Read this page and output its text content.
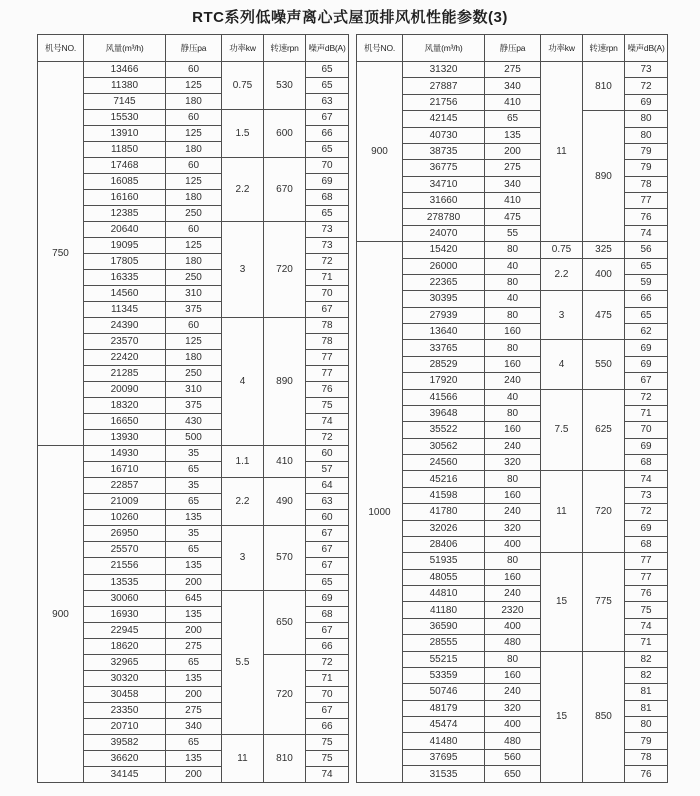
RTC系列低噪声离心式屋顶排风机性能参数(3)
机号NO.	风量(m³/h)	静压pa	功率kw	转速rpn	噪声dB(A)
750	13466	60	0.75	530	65
	11380	125			65
	7145	180			63
	15530	60	1.5	600	67
	13910	125			66
	11850	180			65
	17468	60	2.2	670	70
	16085	125			69
	16160	180			68
	12385	250			65
	20640	60	3	720	73
	19095	125			73
	17805	180			72
	16335	250			71
	14560	310			70
	11345	375			67
	24390	60	4	890	78
	23570	125			78
	22420	180			77
	21285	250			77
	20090	310			76
	18320	375			75
	16650	430			74
	13930	500			72
900	14930	35	1.1	410	60
	16710	65			57
	22857	35	2.2	490	64
	21009	65			63
	10260	135			60
	26950	35	3	570	67
	25570	65			67
	21556	135			67
	13535	200			65
	30060	645	5.5	650	69
	16930	135			68
	22945	200			67
	18620	275			66
	32965	65		720	72
	30320	135			71
	30458	200			70
	23350	275			67
	20710	340			66
	39582	65	11	810	75
	36620	135			75
	34145	200			74
机号NO.	风量(m³/h)	静压pa	功率kw	转速rpn	噪声dB(A)
900	31320	275	11	810	73
	27887	340			72
	21756	410			69
	42145	65		890	80
	40730	135			80
	38735	200			79
	36775	275			79
	34710	340			78
	31660	410			77
	278780	475			76
	24070	55			74
1000	15420	80	0.75	325	56
	26000	40	2.2	400	65
	22365	80			59
	30395	40	3	475	66
	27939	80			65
	13640	160			62
	33765	80	4	550	69
	28529	160			69
	17920	240			67
	41566	40	7.5	625	72
	39648	80			71
	35522	160			70
	30562	240			69
	24560	320			68
	45216	80	11	720	74
	41598	160			73
	41780	240			72
	32026	320			69
	28406	400			68
	51935	80	15	775	77
	48055	160			77
	44810	240			76
	41180	2320			75
	36590	400			74
	28555	480			71
	55215	80	15	850	82
	53359	160			82
	50746	240			81
	48179	320			81
	45474	400			80
	41480	480			79
	37695	560			78
	31535	650			76
